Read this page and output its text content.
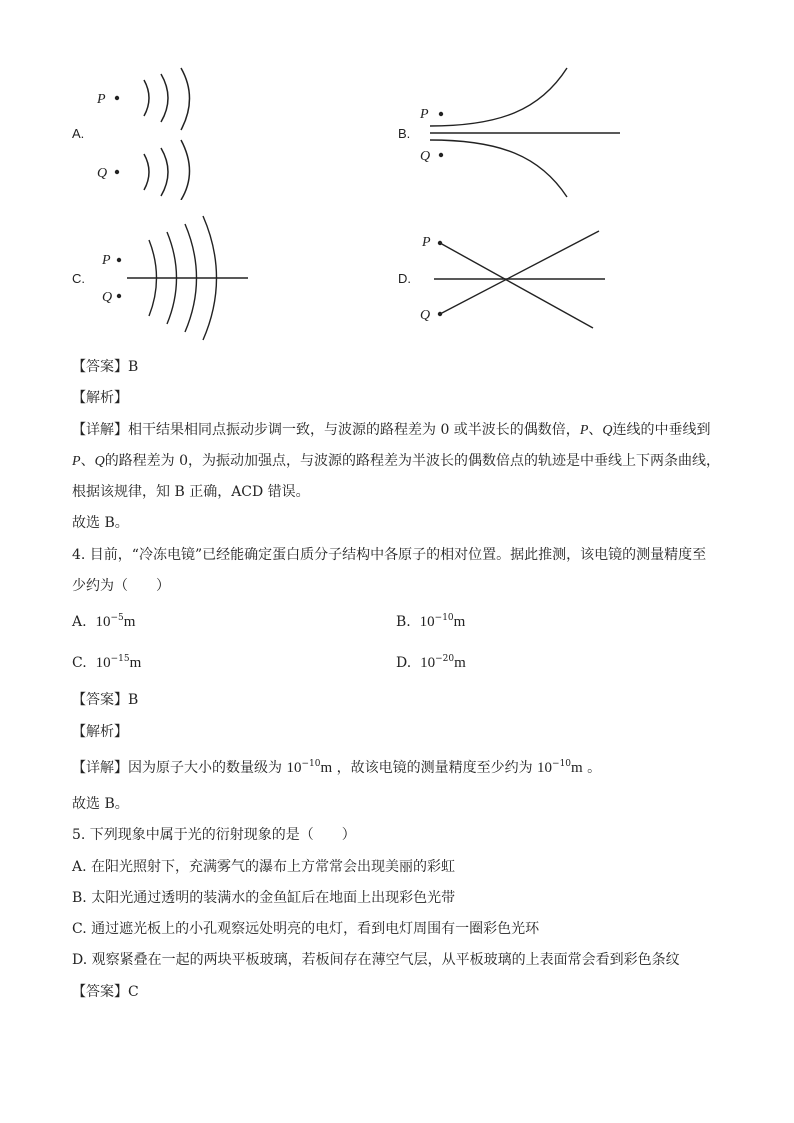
A.
P
Q
B.
P
Q
C.
P
Q
D.
P
Q
【答案】B
【解析】
【详解】相干结果相同点振动步调一致，与波源的路程差为 0 或半波长的偶数倍，P、Q连线的中垂线到
P、Q的路程差为 0，为振动加强点，与波源的路程差为半波长的偶数倍点的轨迹是中垂线上下两条曲线，
根据该规律，知 B 正确，ACD 错误。
故选 B。
4. 目前，“冷冻电镜”已经能确定蛋白质分子结构中各原子的相对位置。据此推测，该电镜的测量精度至
少约为（　　）
A. $10^{-5}m$	B. $10^{-10}m$
C. $10^{-15}m$	D. $10^{-20}m$
【答案】B
【解析】
【详解】因为原子大小的数量级为 $10^{-10}m$ ，故该电镜的测量精度至少约为 $10^{-10}m$ 。
故选 B。
5. 下列现象中属于光的衍射现象的是（　　）
A. 在阳光照射下，充满雾气的瀑布上方常常会出现美丽的彩虹
B. 太阳光通过透明的装满水的金鱼缸后在地面上出现彩色光带
C. 通过遮光板上的小孔观察远处明亮的电灯，看到电灯周围有一圈彩色光环
D. 观察紧叠在一起的两块平板玻璃，若板间存在薄空气层，从平板玻璃的上表面常会看到彩色条纹
【答案】C
